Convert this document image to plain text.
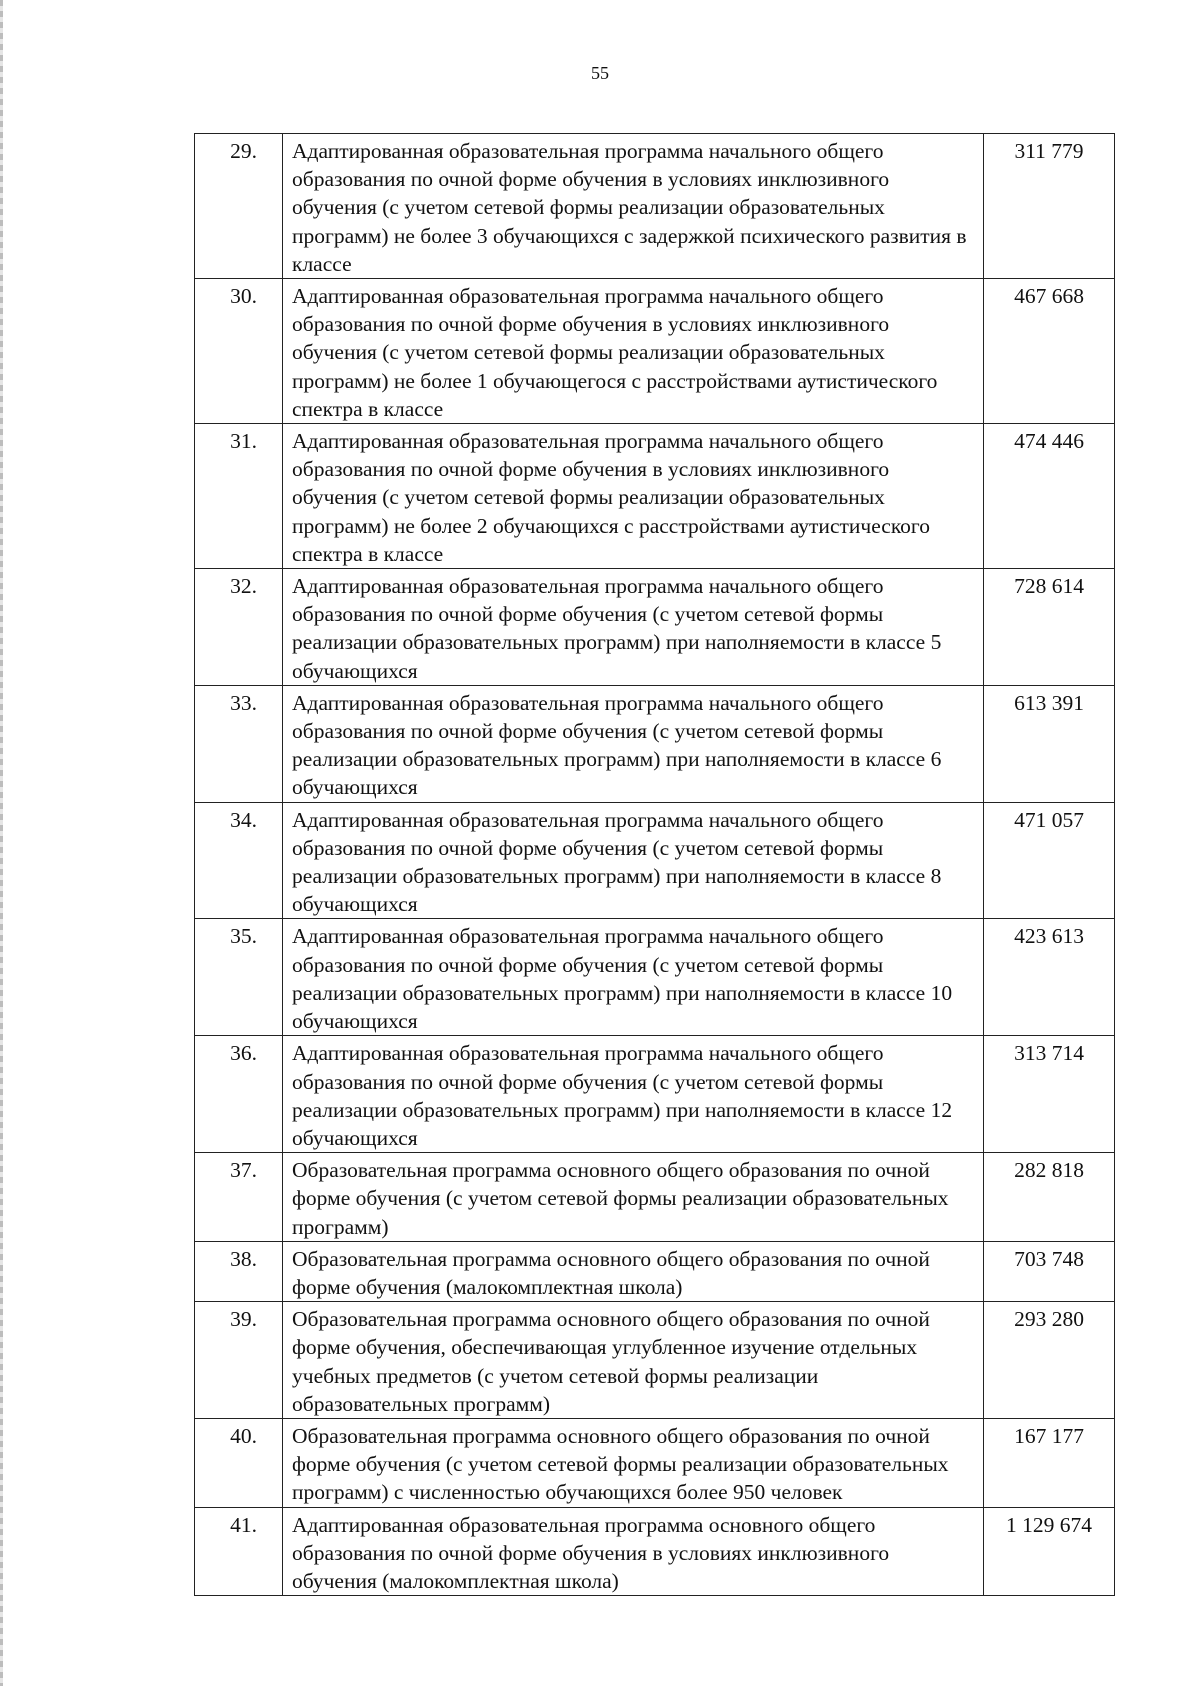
55
29.	Адаптированная образовательная программа начального общего образования по очной форме обучения в условиях инклюзивного обучения (с учетом сетевой формы реализации образовательных программ) не более 3 обучающихся с задержкой психического развития в классе	311 779
30.	Адаптированная образовательная программа начального общего образования по очной форме обучения в условиях инклюзивного обучения (с учетом сетевой формы реализации образовательных программ) не более 1 обучающегося с расстройствами аутистического спектра в классе	467 668
31.	Адаптированная образовательная программа начального общего образования по очной форме обучения в условиях инклюзивного обучения (с учетом сетевой формы реализации образовательных программ) не более 2 обучающихся с расстройствами аутистического спектра в классе	474 446
32.	Адаптированная образовательная программа начального общего образования по очной форме обучения (с учетом сетевой формы реализации образовательных программ) при наполняемости в классе 5 обучающихся	728 614
33.	Адаптированная образовательная программа начального общего образования по очной форме обучения (с учетом сетевой формы реализации образовательных программ) при наполняемости в классе 6 обучающихся	613 391
34.	Адаптированная образовательная программа начального общего образования по очной форме обучения (с учетом сетевой формы реализации образовательных программ) при наполняемости в классе 8 обучающихся	471 057
35.	Адаптированная образовательная программа начального общего образования по очной форме обучения (с учетом сетевой формы реализации образовательных программ) при наполняемости в классе 10 обучающихся	423 613
36.	Адаптированная образовательная программа начального общего образования по очной форме обучения (с учетом сетевой формы реализации образовательных программ) при наполняемости в классе 12 обучающихся	313 714
37.	Образовательная программа основного общего образования по очной форме обучения (с учетом сетевой формы реализации образовательных программ)	282 818
38.	Образовательная программа основного общего образования по очной форме обучения (малокомплектная школа)	703 748
39.	Образовательная программа основного общего образования по очной форме обучения, обеспечивающая углубленное изучение отдельных учебных предметов (с учетом сетевой формы реализации образовательных программ)	293 280
40.	Образовательная программа основного общего образования по очной форме обучения (с учетом сетевой формы реализации образовательных программ) с численностью обучающихся более 950 человек	167 177
41.	Адаптированная образовательная программа основного общего образования по очной форме обучения в условиях инклюзивного обучения (малокомплектная школа)	1 129 674
